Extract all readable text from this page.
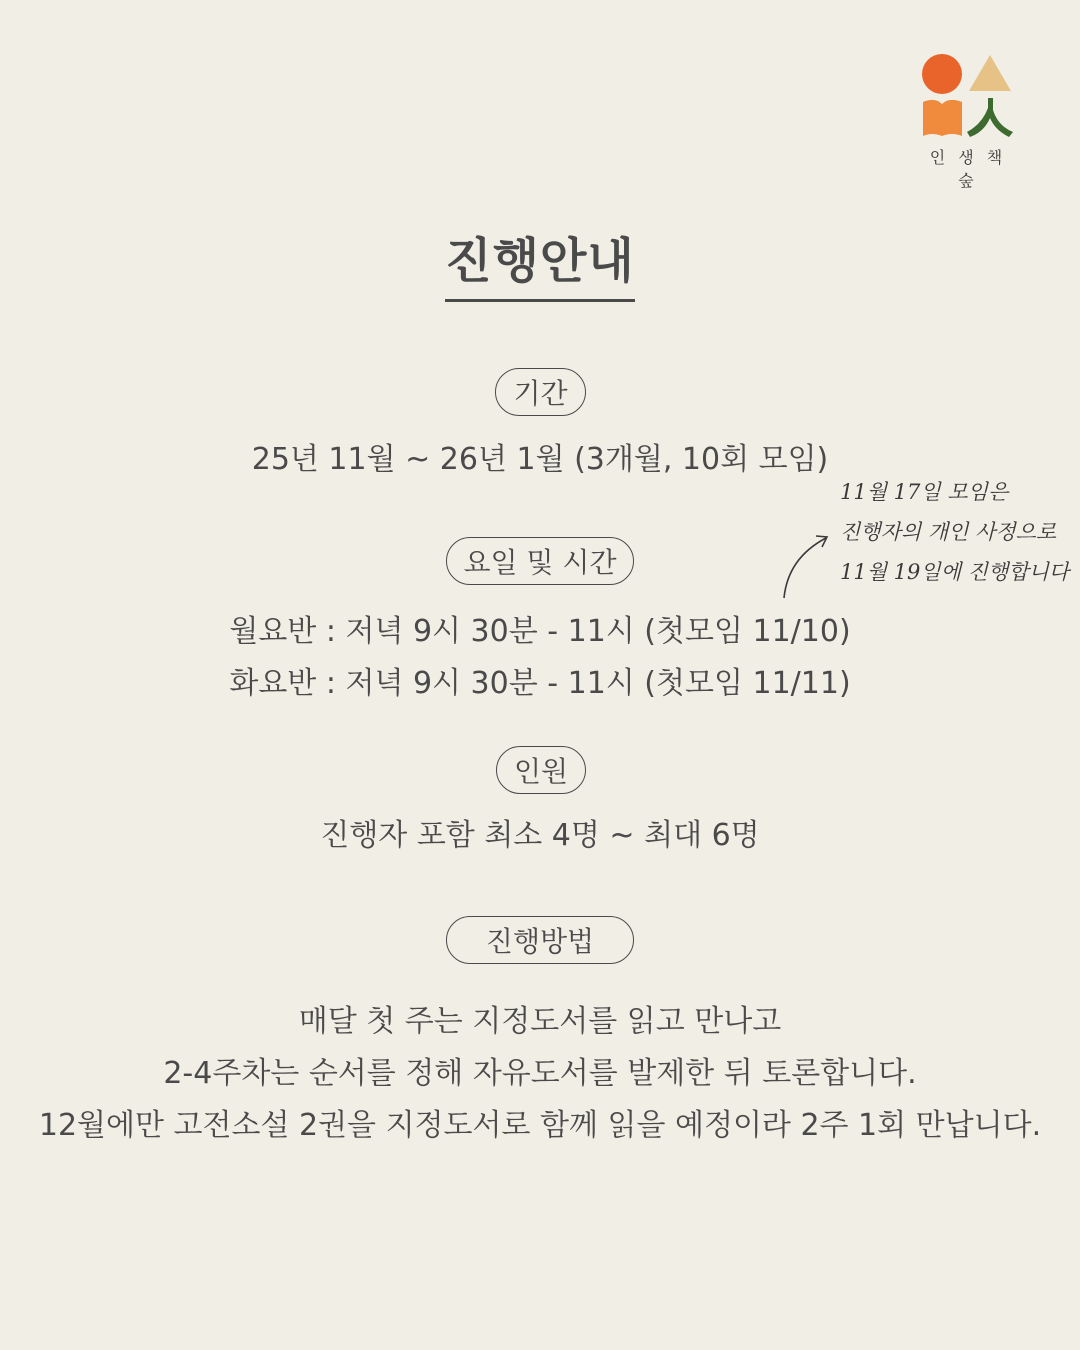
인 생 책 숲
진행안내
기간
25년 11월 ~ 26년 1월 (3개월, 10회 모임)
요일 및 시간
월요반 : 저녁 9시 30분 - 11시 (첫모임 11/10)
화요반 : 저녁 9시 30분 - 11시 (첫모임 11/11)
인원
진행자 포함 최소 4명 ~ 최대 6명
진행방법
매달 첫 주는 지정도서를 읽고 만나고
2-4주차는 순서를 정해 자유도서를 발제한 뒤 토론합니다.
12월에만 고전소설 2권을 지정도서로 함께 읽을 예정이라 2주 1회 만납니다.
11월 17일 모임은
진행자의 개인 사정으로
11월 19일에 진행합니다
